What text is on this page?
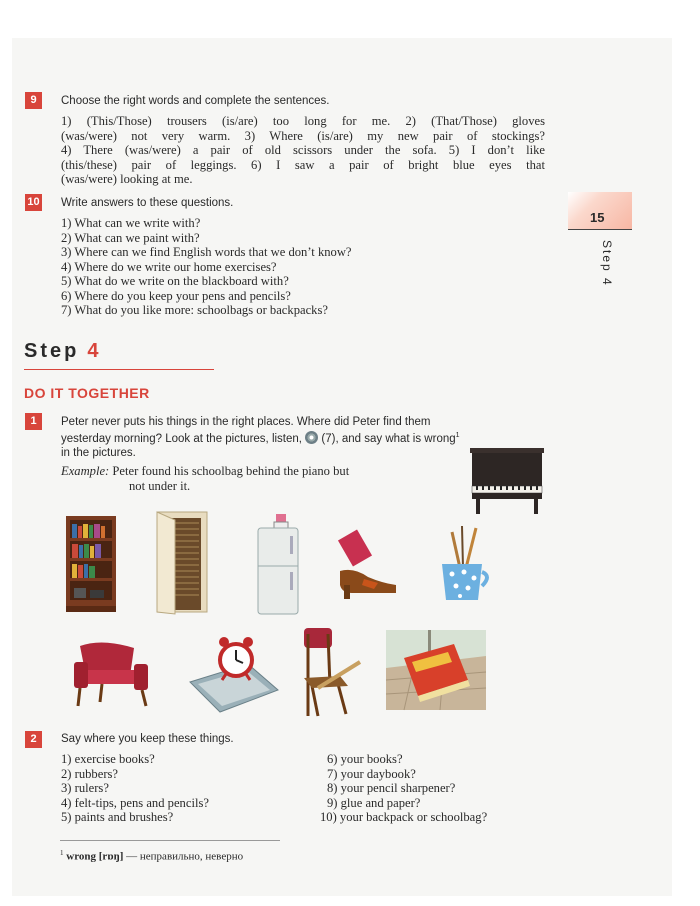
15
Step 4
9	Choose the right words and complete the sentences.
1) (This/Those) trousers (is/are) too long for me. 2) (That/Those) gloves
(was/were) not very warm. 3) Where (is/are) my new pair of stockings?
4) There (was/were) a pair of old scissors under the sofa. 5) I don’t like
(this/these) pair of leggings. 6) I saw a pair of bright blue eyes that
(was/were) looking at me.
10 Write answers to these questions.
1) What can we write with?
2) What can we paint with?
3) Where can we find English words that we don’t know?
4) Where do we write our home exercises?
5) What do we write on the blackboard with?
6) Where do you keep your pens and pencils?
7) What do you like more: schoolbags or backpacks?
Step 4
DO IT TOGETHER
1	Peter never puts his things in the right places. Where did Peter find them
yesterday morning? Look at the pictures, listen, (7), and say what is wrong$^1$
in the pictures.
Example: Peter found his schoolbag behind the piano but
not under it.
2	Say where you keep these things.
1) exercise books?
2) rubbers?
3) rulers?
4) felt-tips, pens and pencils?
5) paints and brushes?
6) your books?
7) your daybook?
8) your pencil sharpener?
9) glue and paper?
10) your backpack or schoolbag?
$^1$ wrong [rɒŋ] — неправильно, неверно
